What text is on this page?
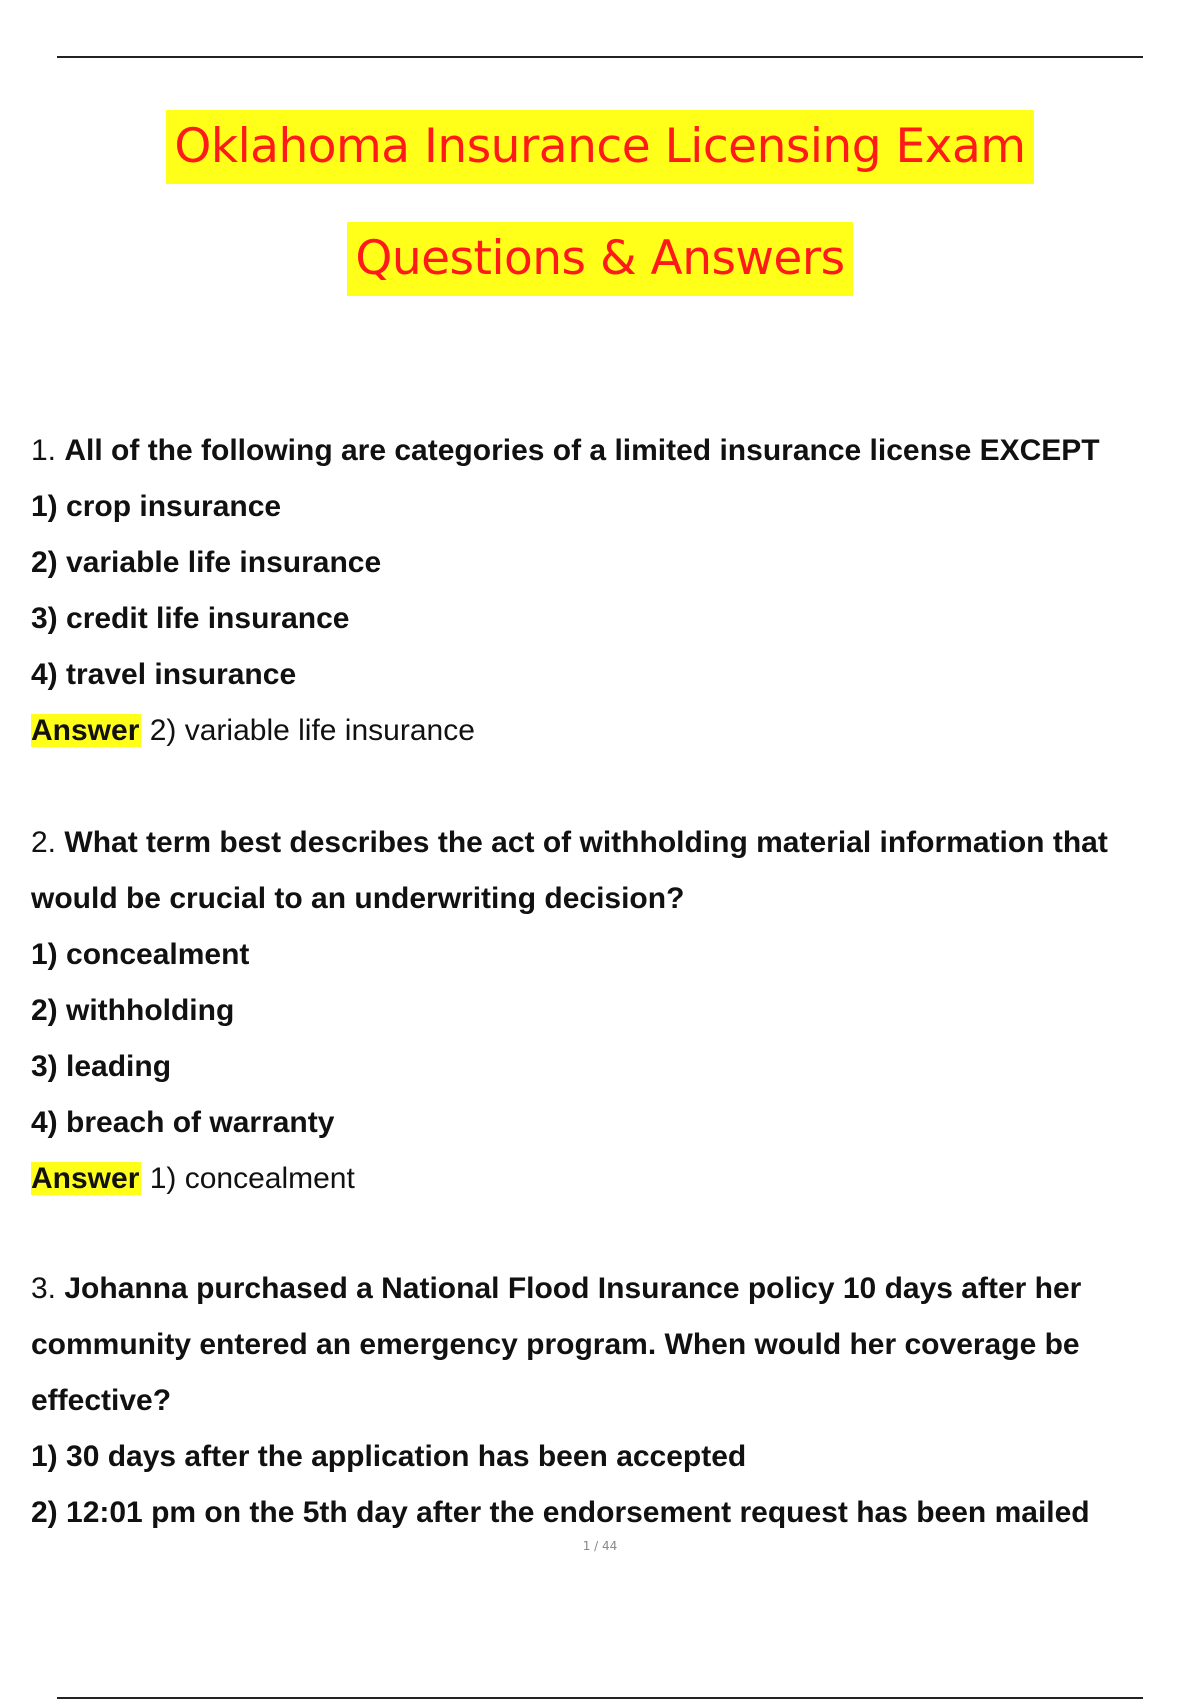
Oklahoma Insurance Licensing Exam
Questions & Answers
1. All of the following are categories of a limited insurance license EXCEPT
1) crop insurance
2) variable life insurance
3) credit life insurance
4) travel insurance
Answer 2) variable life insurance
2. What term best describes the act of withholding material information that
would be crucial to an underwriting decision?
1) concealment
2) withholding
3) leading
4) breach of warranty
Answer 1) concealment
3. Johanna purchased a National Flood Insurance policy 10 days after her
community entered an emergency program. When would her coverage be
effective?
1) 30 days after the application has been accepted
2) 12:01 pm on the 5th day after the endorsement request has been mailed
1 / 44
